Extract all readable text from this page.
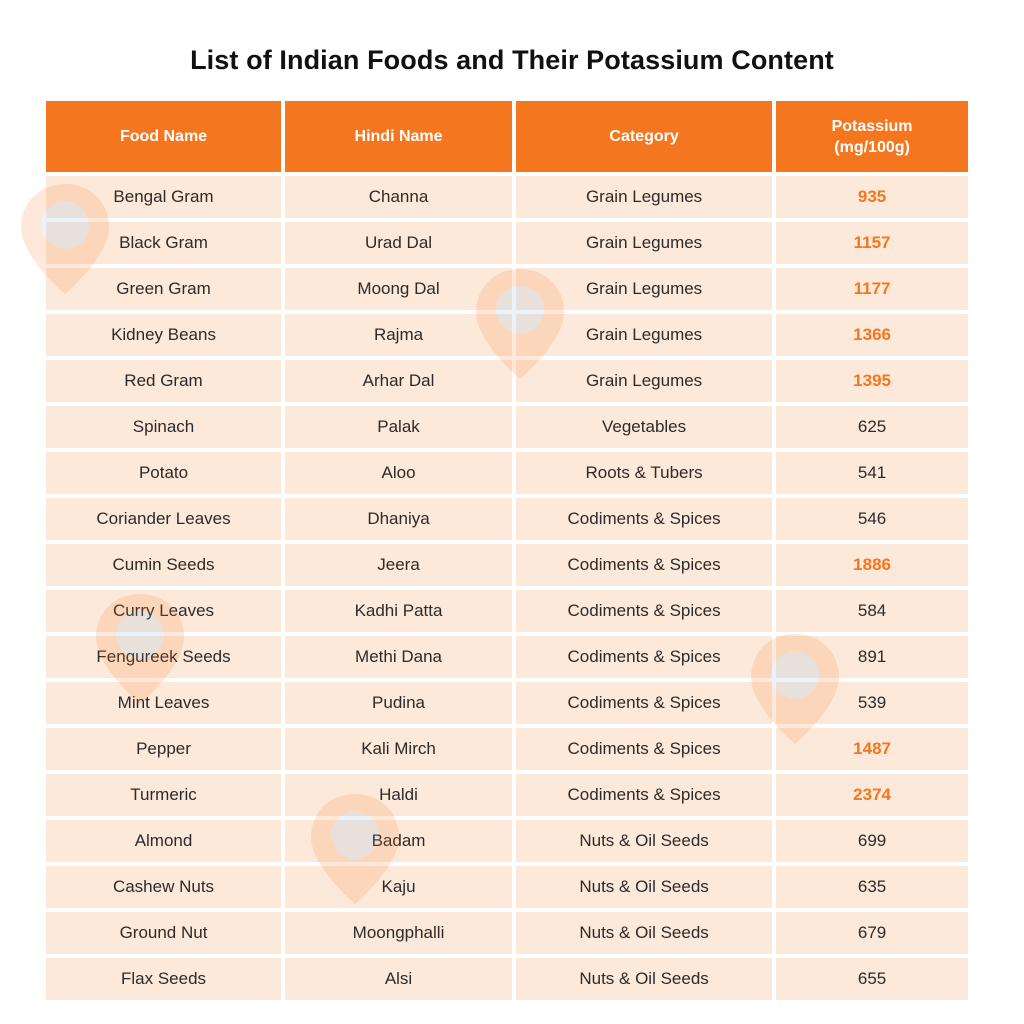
List of Indian Foods and Their Potassium Content
Food Name	Hindi Name	Category	Potassium
(mg/100g)
Bengal Gram	Channa	Grain Legumes	935
Black Gram	Urad Dal	Grain Legumes	1157
Green Gram	Moong Dal	Grain Legumes	1177
Kidney Beans	Rajma	Grain Legumes	1366
Red Gram	Arhar Dal	Grain Legumes	1395
Spinach	Palak	Vegetables	625
Potato	Aloo	Roots & Tubers	541
Coriander Leaves	Dhaniya	Codiments & Spices	546
Cumin Seeds	Jeera	Codiments & Spices	1886
Curry Leaves	Kadhi Patta	Codiments & Spices	584
Fengureek Seeds	Methi Dana	Codiments & Spices	891
Mint Leaves	Pudina	Codiments & Spices	539
Pepper	Kali Mirch	Codiments & Spices	1487
Turmeric	Haldi	Codiments & Spices	2374
Almond	Badam	Nuts & Oil Seeds	699
Cashew Nuts	Kaju	Nuts & Oil Seeds	635
Ground Nut	Moongphalli	Nuts & Oil Seeds	679
Flax Seeds	Alsi	Nuts & Oil Seeds	655
